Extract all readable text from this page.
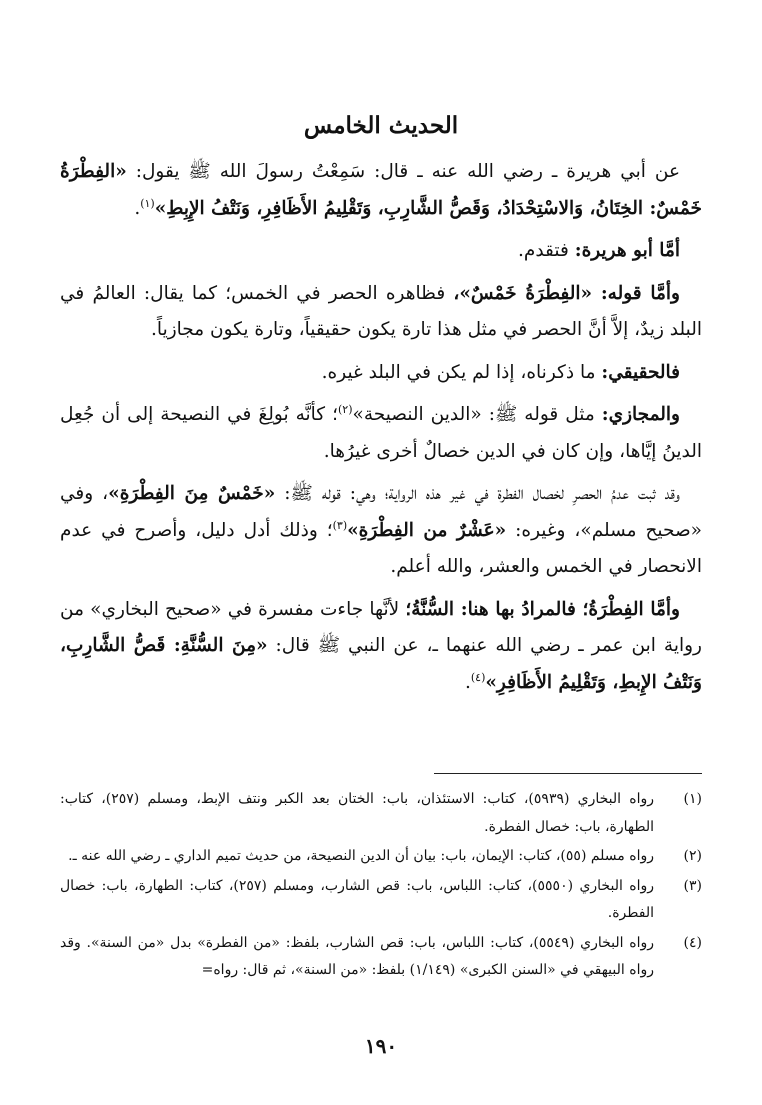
الحديث الخامس

عن أبي هريرة ـ رضي الله عنه ـ قال: سَمِعْتُ رسولَ الله ﷺ يقول: «الفِطْرَةُ خَمْسٌ: الخِتَانُ، وَالاسْتِحْدَادُ، وَقَصُّ الشَّارِبِ، وَتَقْلِيمُ الأَظَافِرِ، وَنَتْفُ الإِبِطِ»$^{(١)}$.

أمَّا أبو هريرة: فتقدم.

وأمَّا قوله: «الفِطْرَةُ خَمْسٌ»، فظاهره الحصر في الخمس؛ كما يقال: العالمُ في البلد زيدٌ، إلاَّ أنَّ الحصر في مثل هذا تارة يكون حقيقياً، وتارة يكون مجازياً.

فالحقيقي: ما ذكرناه، إذا لم يكن في البلد غيره.

والمجازي: مثل قوله ﷺ: «الدين النصيحة»$^{(٢)}$؛ كأنَّه بُولِغَ في النصيحة إلى أن جُعِل الدينُ إيَّاها، وإن كان في الدين خصالٌ أخرى غيرُها.

وقد ثبت عدمُ الحصرِ لخصال الفطرة في غير هذه الرواية؛ وهي: قوله ﷺ: «خَمْسٌ مِنَ الفِطْرَةِ»، وفي «صحيح مسلم»، وغيره: «عَشْرٌ من الفِطْرَةِ»$^{(٣)}$؛ وذلك أدل دليل، وأصرح في عدم الانحصار في الخمس والعشر، والله أعلم.

وأمَّا الفِطْرَةُ؛ فالمرادُ بها هنا: السُّنَّةُ؛ لأنَّها جاءت مفسرة في «صحيح البخاري» من رواية ابن عمر ـ رضي الله عنهما ـ، عن النبي ﷺ قال: «مِنَ السُّنَّةِ: قَصُّ الشَّارِبِ، وَنَتْفُ الإِبطِ، وَتَقْلِيمُ الأَظَافِرِ»$^{(٤)}$.

(١)
رواه البخاري (٥٩٣٩)، كتاب: الاستئذان، باب: الختان بعد الكبر ونتف الإبط، ومسلم (٢٥٧)، كتاب: الطهارة، باب: خصال الفطرة.
(٢)
رواه مسلم (٥٥)، كتاب: الإيمان، باب: بيان أن الدين النصيحة، من حديث تميم الداري ـ رضي الله عنه ـ.
(٣)
رواه البخاري (٥٥٥٠)، كتاب: اللباس، باب: قص الشارب، ومسلم (٢٥٧)، كتاب: الطهارة، باب: خصال الفطرة.
(٤)
رواه البخاري (٥٥٤٩)، كتاب: اللباس، باب: قص الشارب، بلفظ: «من الفطرة» بدل «من السنة». وقد رواه البيهقي في «السنن الكبرى» (١/١٤٩) بلفظ: «من السنة»، ثم قال: رواه=
١٩٠
